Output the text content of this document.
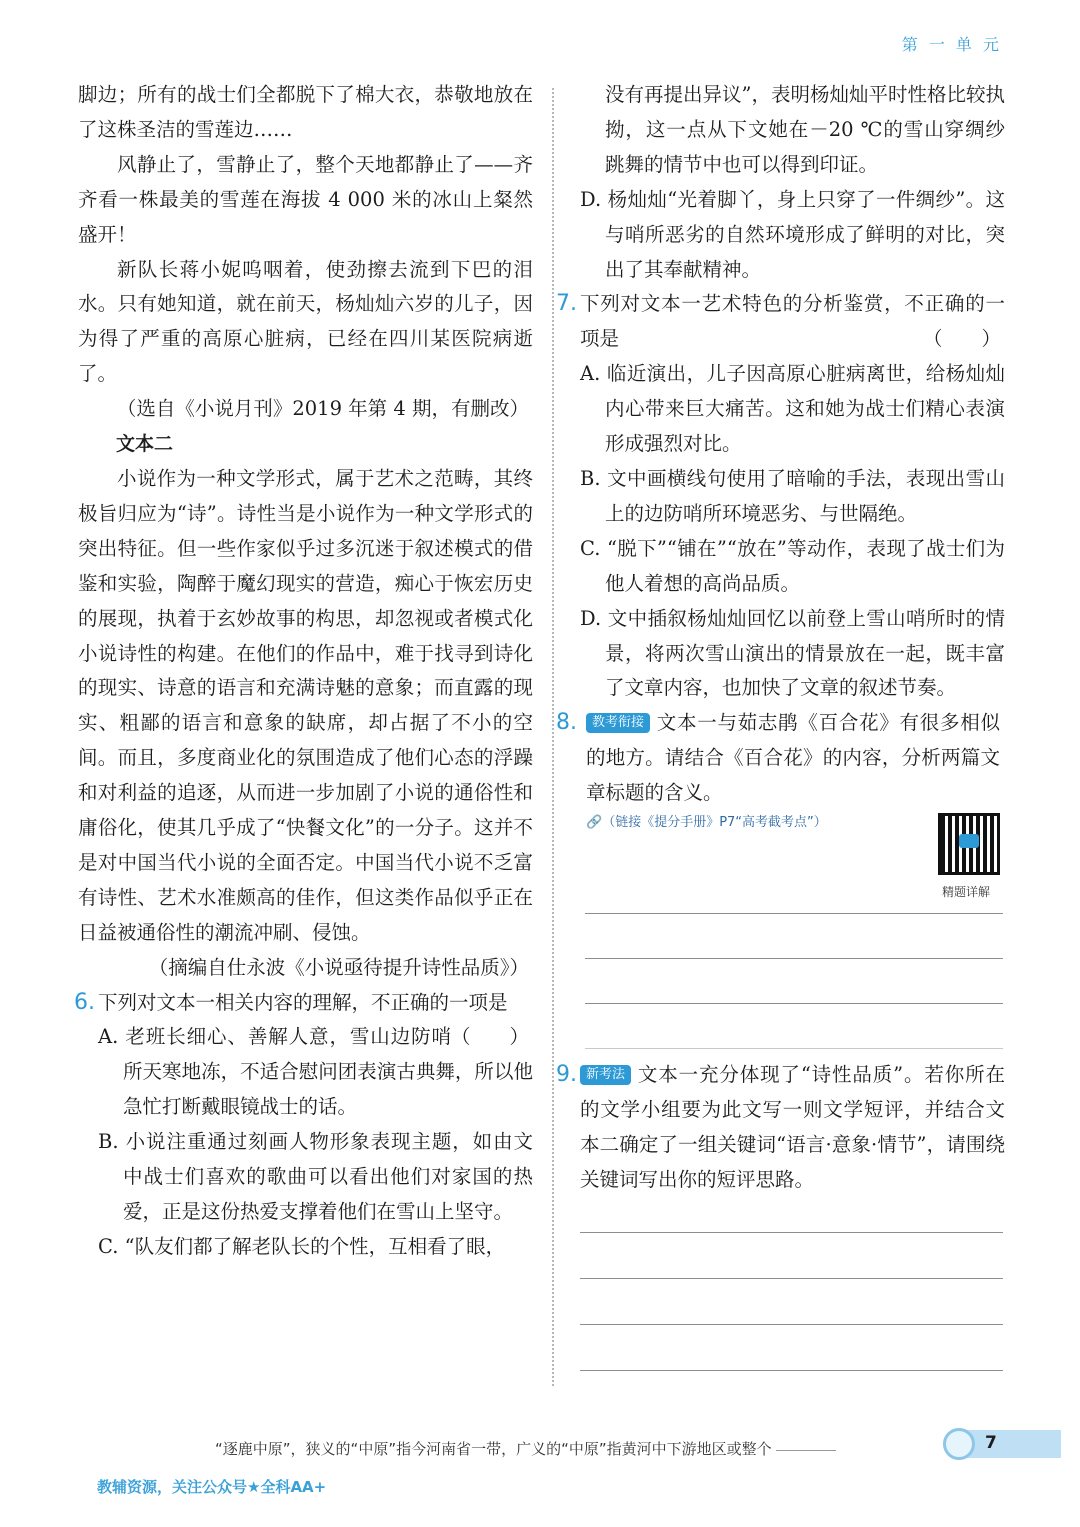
第 一 单 元

脚边；所有的战士们全都脱下了棉大衣，恭敬地放在了这株圣洁的雪莲边……

风静止了，雪静止了，整个天地都静止了——齐齐看一株最美的雪莲在海拔 4 000 米的冰山上粲然盛开！

新队长蒋小妮呜咽着，使劲擦去流到下巴的泪水。只有她知道，就在前天，杨灿灿六岁的儿子，因为得了严重的高原心脏病，已经在四川某医院病逝了。

（选自《小说月刊》2019 年第 4 期，有删改）

文本二

小说作为一种文学形式，属于艺术之范畴，其终极旨归应为“诗”。诗性当是小说作为一种文学形式的突出特征。但一些作家似乎过多沉迷于叙述模式的借鉴和实验，陶醉于魔幻现实的营造，痴心于恢宏历史的展现，执着于玄妙故事的构思，却忽视或者模式化小说诗性的构建。在他们的作品中，难于找寻到诗化的现实、诗意的语言和充满诗魅的意象；而直露的现实、粗鄙的语言和意象的缺席，却占据了不小的空间。而且，多度商业化的氛围造成了他们心态的浮躁和对利益的追逐，从而进一步加剧了小说的通俗性和庸俗化，使其几乎成了“快餐文化”的一分子。这并不是对中国当代小说的全面否定。中国当代小说不乏富有诗性、艺术水准颇高的佳作，但这类作品似乎正在日益被通俗性的潮流冲刷、侵蚀。

（摘编自仕永波《小说亟待提升诗性品质》）

6. 下列对文本一相关内容的理解，不正确的一项是
（　　）

A. 老班长细心、善解人意，雪山边防哨所天寒地冻，不适合慰问团表演古典舞，所以他急忙打断戴眼镜战士的话。

B. 小说注重通过刻画人物形象表现主题，如由文中战士们喜欢的歌曲可以看出他们对家国的热爱，正是这份热爱支撑着他们在雪山上坚守。

C. “队友们都了解老队长的个性，互相看了眼，

没有再提出异议”，表明杨灿灿平时性格比较执拗，这一点从下文她在－20 ℃的雪山穿绸纱跳舞的情节中也可以得到印证。

D. 杨灿灿“光着脚丫，身上只穿了一件绸纱”。这与哨所恶劣的自然环境形成了鲜明的对比，突出了其奉献精神。

7. 下列对文本一艺术特色的分析鉴赏，不正确的一项是	（　　）

A. 临近演出，儿子因高原心脏病离世，给杨灿灿内心带来巨大痛苦。这和她为战士们精心表演形成强烈对比。

B. 文中画横线句使用了暗喻的手法，表现出雪山上的边防哨所环境恶劣、与世隔绝。

C. “脱下”“铺在”“放在”等动作，表现了战士们为他人着想的高尚品质。

D. 文中插叙杨灿灿回忆以前登上雪山哨所时的情景，将两次雪山演出的情景放在一起，既丰富了文章内容，也加快了文章的叙述节奏。

8.	教考衔接 文本一与茹志鹃《百合花》有很多相似的地方。请结合《百合花》的内容，分析两篇文章标题的含义。

🔗（链接《提分手册》P7“高考截考点”）

9. 新考法 文本一充分体现了“诗性品质”。若你所在的文学小组要为此文写一则文学短评，并结合文本二确定了一组关键词“语言·意象·情节”，请围绕关键词写出你的短评思路。

精题详解
“逐鹿中原”，狭义的“中原”指今河南省一带，广义的“中原”指黄河中下游地区或整个	7
教辅资源，关注公众号★全科AA+
